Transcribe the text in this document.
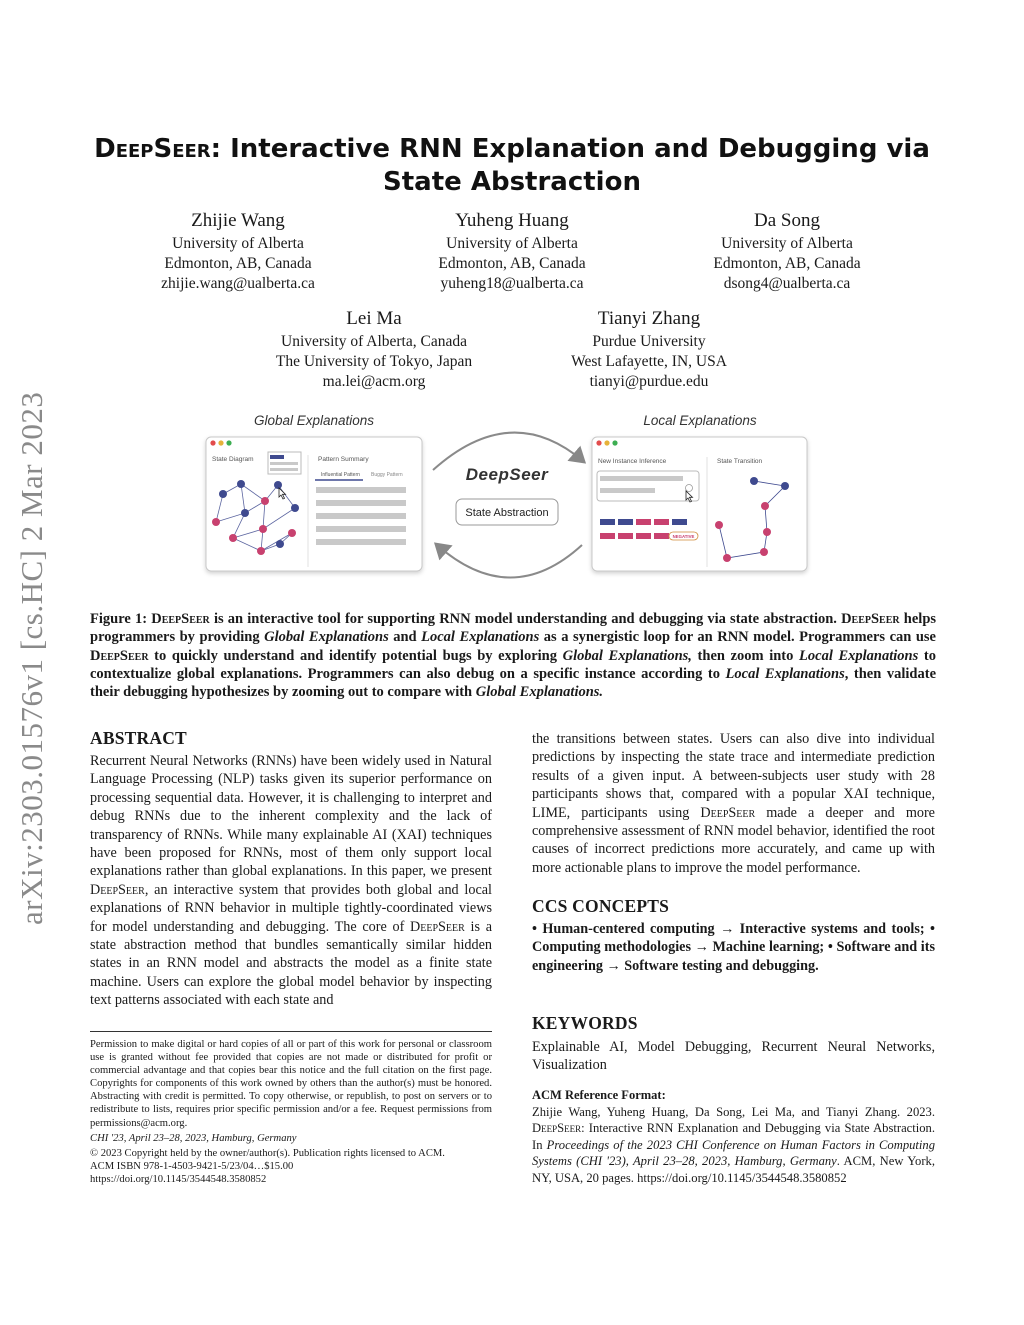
DeepSeer: Interactive RNN Explanation and Debugging via
State Abstraction
Zhijie Wang
University of Alberta
Edmonton, AB, Canada
zhijie.wang@ualberta.ca
Yuheng Huang
University of Alberta
Edmonton, AB, Canada
yuheng18@ualberta.ca
Da Song
University of Alberta
Edmonton, AB, Canada
dsong4@ualberta.ca
Lei Ma
University of Alberta, Canada
The University of Tokyo, Japan
ma.lei@acm.org
Tianyi Zhang
Purdue University
West Lafayette, IN, USA
tianyi@purdue.edu
arXiv:2303.01576v1 [cs.HC] 2 Mar 2023	Global Explanations	Local Explanations
State Diagram	Pattern Summary
Influential Pattern Buggy Pattern	DeepSeer
State Abstraction
New Instance Inference	State Transition
NEGATIVE
Figure 1: DeepSeer is an interactive tool for supporting RNN model understanding and debugging via state abstraction. DeepSeer helps programmers by providing Global Explanations and Local Explanations as a synergistic loop for an RNN model. Programmers can use DeepSeer to quickly understand and identify potential bugs by exploring Global Explanations, then zoom into Local Explanations to contextualize global explanations. Programmers can also debug on a specific instance according to Local Explanations, then validate their debugging hypothesizes by zooming out to compare with Global Explanations.
ABSTRACT
Recurrent Neural Networks (RNNs) have been widely used in Natural Language Processing (NLP) tasks given its superior performance on processing sequential data. However, it is challenging to interpret and debug RNNs due to the inherent complexity and the lack of transparency of RNNs. While many explainable AI (XAI) techniques have been proposed for RNNs, most of them only support local explanations rather than global explanations. In this paper, we present DeepSeer, an interactive system that provides both global and local explanations of RNN behavior in multiple tightly-coordinated views for model understanding and debugging. The core of DeepSeer is a state abstraction method that bundles semantically similar hidden states in an RNN model and abstracts the model as a finite state machine. Users can explore the global model behavior by inspecting text patterns associated with each state and
Permission to make digital or hard copies of all or part of this work for personal or classroom use is granted without fee provided that copies are not made or distributed for profit or commercial advantage and that copies bear this notice and the full citation on the first page. Copyrights for components of this work owned by others than the author(s) must be honored. Abstracting with credit is permitted. To copy otherwise, or republish, to post on servers or to redistribute to lists, requires prior specific permission and/or a fee. Request permissions from permissions@acm.org.
CHI '23, April 23–28, 2023, Hamburg, Germany
© 2023 Copyright held by the owner/author(s). Publication rights licensed to ACM.
ACM ISBN 978-1-4503-9421-5/23/04…$15.00
https://doi.org/10.1145/3544548.3580852
the transitions between states. Users can also dive into individual predictions by inspecting the state trace and intermediate prediction results of a given input. A between-subjects user study with 28 participants shows that, compared with a popular XAI technique, LIME, participants using DeepSeer made a deeper and more comprehensive assessment of RNN model behavior, identified the root causes of incorrect predictions more accurately, and came up with more actionable plans to improve the model performance.
CCS CONCEPTS
• Human-centered computing → Interactive systems and tools; • Computing methodologies → Machine learning; • Software and its engineering → Software testing and debugging.
KEYWORDS
Explainable AI, Model Debugging, Recurrent Neural Networks, Visualization
ACM Reference Format:
Zhijie Wang, Yuheng Huang, Da Song, Lei Ma, and Tianyi Zhang. 2023. DeepSeer: Interactive RNN Explanation and Debugging via State Abstraction. In Proceedings of the 2023 CHI Conference on Human Factors in Computing Systems (CHI '23), April 23–28, 2023, Hamburg, Germany. ACM, New York, NY, USA, 20 pages. https://doi.org/10.1145/3544548.3580852
